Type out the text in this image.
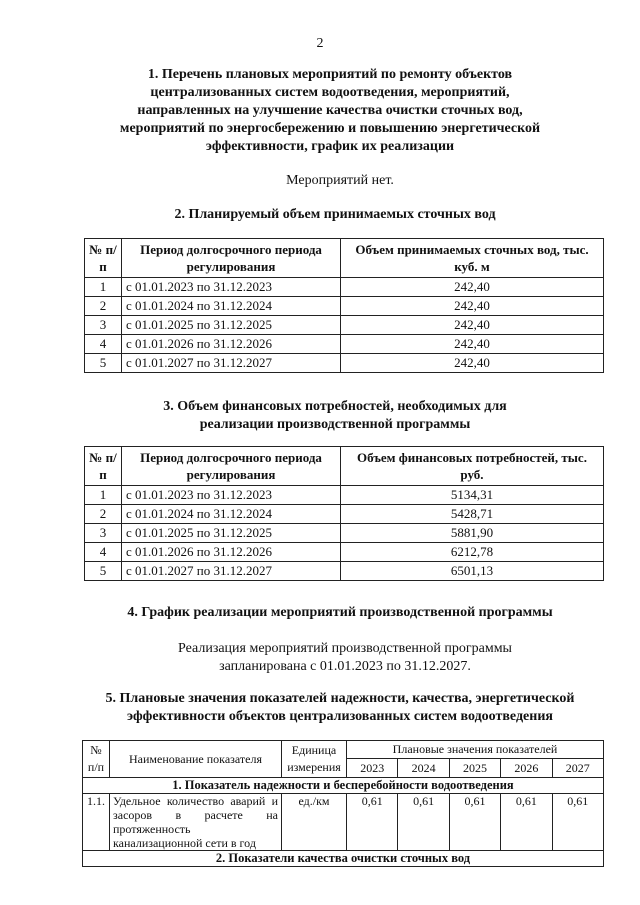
2
1. Перечень плановых мероприятий по ремонту объектов
централизованных систем водоотведения, мероприятий,
направленных на улучшение качества очистки сточных вод,
мероприятий по энергосбережению и повышению энергетической
эффективности, график их реализации
Мероприятий нет.
2. Планируемый объем принимаемых сточных вод
№ п/п	Период долгосрочного периода регулирования	Объем принимаемых сточных вод, тыс. куб. м
1	с 01.01.2023 по 31.12.2023	242,40
2	с 01.01.2024 по 31.12.2024	242,40
3	с 01.01.2025 по 31.12.2025	242,40
4	с 01.01.2026 по 31.12.2026	242,40
5	с 01.01.2027 по 31.12.2027	242,40
3. Объем финансовых потребностей, необходимых для
реализации производственной программы
№ п/п	Период долгосрочного периода регулирования	Объем финансовых потребностей, тыс. руб.
1	с 01.01.2023 по 31.12.2023	5134,31
2	с 01.01.2024 по 31.12.2024	5428,71
3	с 01.01.2025 по 31.12.2025	5881,90
4	с 01.01.2026 по 31.12.2026	6212,78
5	с 01.01.2027 по 31.12.2027	6501,13
4. График реализации мероприятий производственной программы
Реализация мероприятий производственной программы
запланирована с 01.01.2023 по 31.12.2027.
5. Плановые значения показателей надежности, качества, энергетической
эффективности объектов централизованных систем водоотведения
№ п/п	Наименование показателя	Единица измерения	Плановые значения показателей				
			2023	2024	2025	2026	2027
1. Показатель надежности и бесперебойности водоотведения							
1.1.	Удельное количество аварий и засоров в расчете на протяженность канализационной сети в год	ед./км	0,61	0,61	0,61	0,61	0,61
2. Показатели качества очистки сточных вод							
